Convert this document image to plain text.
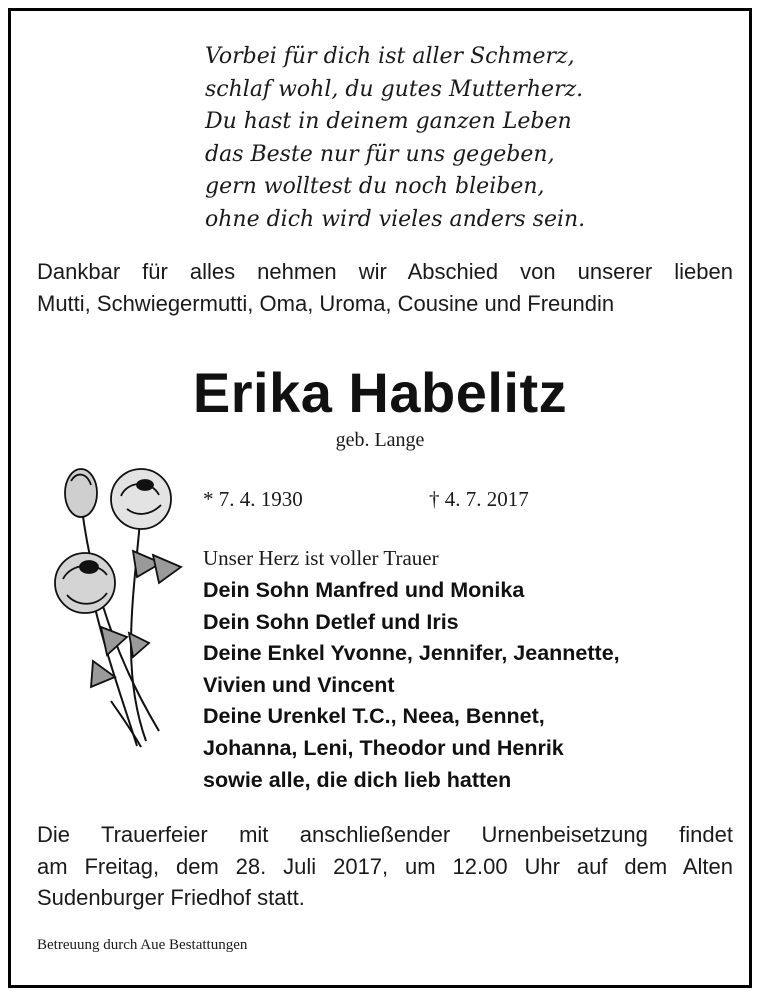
Vorbei für dich ist aller Schmerz,
schlaf wohl, du gutes Mutterherz.
Du hast in deinem ganzen Leben
das Beste nur für uns gegeben,
gern wolltest du noch bleiben,
ohne dich wird vieles anders sein.
Dankbar für alles nehmen wir Abschied von unserer lieben
Mutti, Schwiegermutti, Oma, Uroma, Cousine und Freundin
Erika Habelitz
geb. Lange
* 7. 4. 1930	† 4. 7. 2017
Unser Herz ist voller Trauer
Dein Sohn Manfred und Monika
Dein Sohn Detlef und Iris
Deine Enkel Yvonne, Jennifer, Jeannette,
Vivien und Vincent
Deine Urenkel T.C., Neea, Bennet,
Johanna, Leni, Theodor und Henrik
sowie alle, die dich lieb hatten
Die Trauerfeier mit anschließender Urnenbeisetzung findet
am Freitag, dem 28. Juli 2017, um 12.00 Uhr auf dem Alten
Sudenburger Friedhof statt.
Betreuung durch Aue Bestattungen
